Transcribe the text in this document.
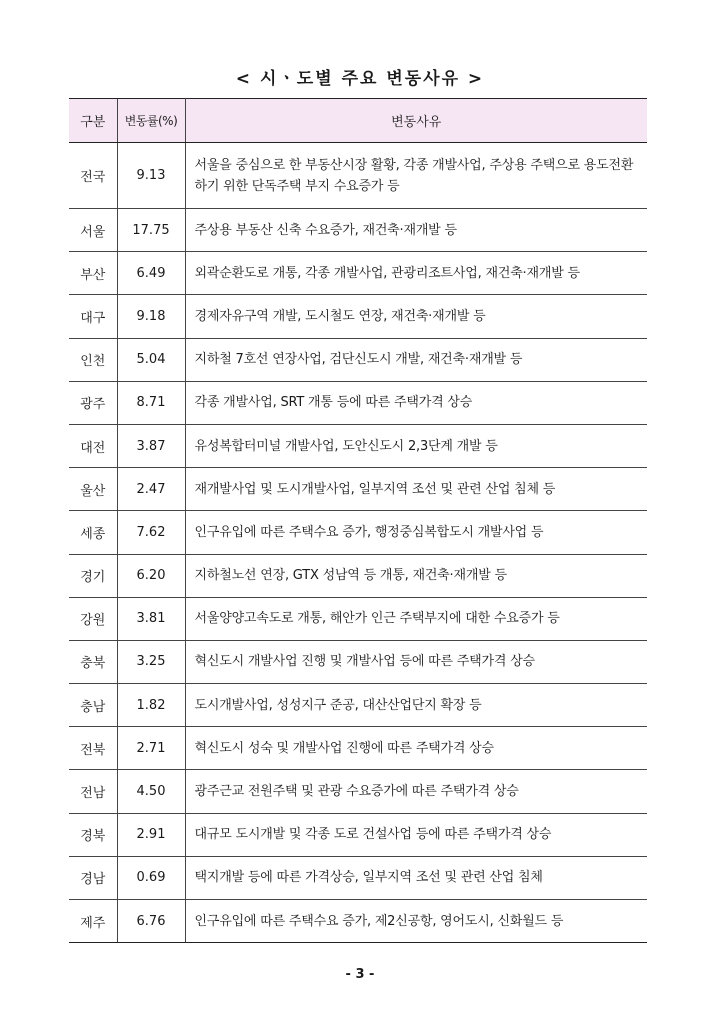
< 시ㆍ도별 주요 변동사유 >
구분	변동률(%)	변동사유
전국	9.13	서울을 중심으로 한 부동산시장 활황, 각종 개발사업, 주상용 주택으로 용도전환하기 위한 단독주택 부지 수요증가 등
서울	17.75	주상용 부동산 신축 수요증가, 재건축·재개발 등
부산	6.49	외곽순환도로 개통, 각종 개발사업, 관광리조트사업, 재건축·재개발 등
대구	9.18	경제자유구역 개발, 도시철도 연장, 재건축·재개발 등
인천	5.04	지하철 7호선 연장사업, 검단신도시 개발, 재건축·재개발 등
광주	8.71	각종 개발사업, SRT 개통 등에 따른 주택가격 상승
대전	3.87	유성복합터미널 개발사업, 도안신도시 2,3단계 개발 등
울산	2.47	재개발사업 및 도시개발사업, 일부지역 조선 및 관련 산업 침체 등
세종	7.62	인구유입에 따른 주택수요 증가, 행정중심복합도시 개발사업 등
경기	6.20	지하철노선 연장, GTX 성남역 등 개통, 재건축·재개발 등
강원	3.81	서울양양고속도로 개통, 해안가 인근 주택부지에 대한 수요증가 등
충북	3.25	혁신도시 개발사업 진행 및 개발사업 등에 따른 주택가격 상승
충남	1.82	도시개발사업, 성성지구 준공, 대산산업단지 확장 등
전북	2.71	혁신도시 성숙 및 개발사업 진행에 따른 주택가격 상승
전남	4.50	광주근교 전원주택 및 관광 수요증가에 따른 주택가격 상승
경북	2.91	대규모 도시개발 및 각종 도로 건설사업 등에 따른 주택가격 상승
경남	0.69	택지개발 등에 따른 가격상승, 일부지역 조선 및 관련 산업 침체
제주	6.76	인구유입에 따른 주택수요 증가, 제2신공항, 영어도시, 신화월드 등
- 3 -
